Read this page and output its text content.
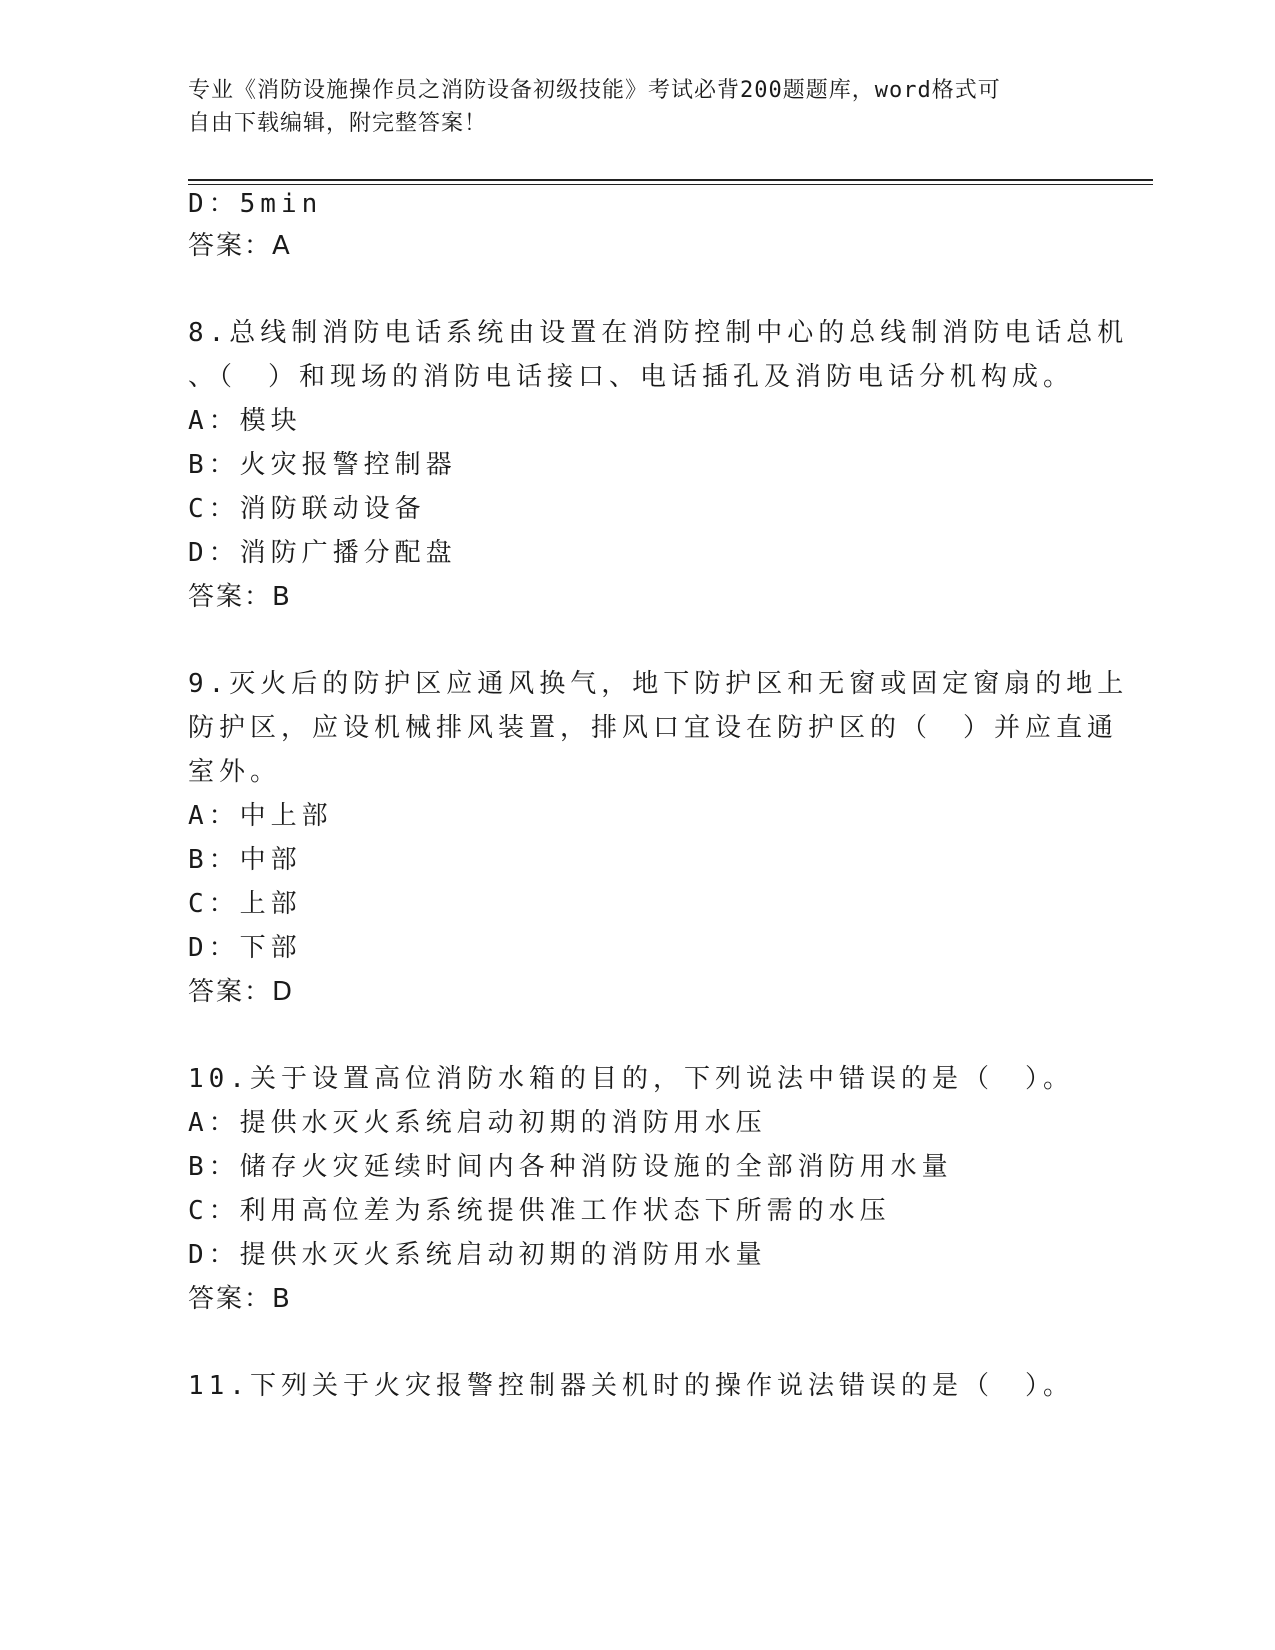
专业《消防设施操作员之消防设备初级技能》考试必背200题题库，word格式可
自由下载编辑，附完整答案！
D：5min
答案：A
8.总线制消防电话系统由设置在消防控制中心的总线制消防电话总机
、（　）和现场的消防电话接口、电话插孔及消防电话分机构成。
A：模块
B：火灾报警控制器
C：消防联动设备
D：消防广播分配盘
答案：B
9.灭火后的防护区应通风换气，地下防护区和无窗或固定窗扇的地上
防护区，应设机械排风装置，排风口宜设在防护区的（　）并应直通
室外。
A：中上部
B：中部
C：上部
D：下部
答案：D
10.关于设置高位消防水箱的目的，下列说法中错误的是（　）。
A：提供水灭火系统启动初期的消防用水压
B：储存火灾延续时间内各种消防设施的全部消防用水量
C：利用高位差为系统提供准工作状态下所需的水压
D：提供水灭火系统启动初期的消防用水量
答案：B
11.下列关于火灾报警控制器关机时的操作说法错误的是（　）。
